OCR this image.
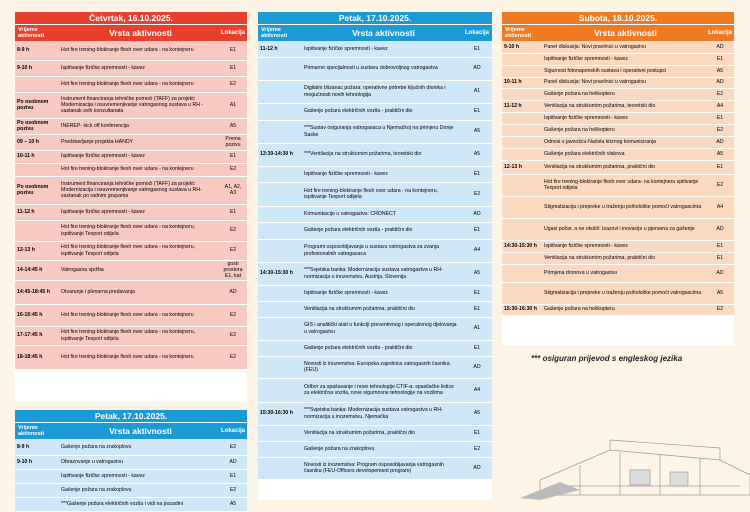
Četvrtak, 16.10.2025.
Vrijeme aktivnosti	Vrsta aktivnosti	Lokacija
8-9 h	Hot fire trening-blokiranje flesh over udara - na kontejneru	E1
9-10 h	Ispitivanje fizičke spremnosti - kavez	E1
	Hot fire trening-blokiranje flesh over udara - na kontejneru	E2
Po osobnom pozivu	Instrument financiranja tehničke pomoći (TAFF) za projekt: Modernizacija i osuvremenjivanje vatrogasnog sustava u RH - sastanak svih konzultanata	A1
Po osobnom pozivu	INEREP- kick off konferencija	A5
09 – 10 h	Predstavljanje projekta HANDY	Prema pozivu
10-11 h	Ispitivanje fizičke spremnosti - kavez	E1
	Hot fire trening-blokiranje flesh over udara - na kontejneru	E2
Po osobnom pozivu	Instrument financiranja tehničke pomoći (TAFF) za projekt: Modernizacija i osuvremenjivanje vatrogasnog sustava u RH- sastanak po radnim grupama	A1, A2, A3
11-12 h	Ispitivanje fizičke spremnosti - kavez	E1
	Hot fire trening-blokiranje flesh over udara - na kontejneru, ispitivanje Texport odijela	E2
12-13 h	Hot fire trening-blokiranje flesh over udara - na kontejneru, ispitivanje Texport odijela	E2
14-14:45 h	Vatrogasna vježba	gosti prostora E1, kat
14:45-18:45 h	Otvaranje i plenarna predavanja	AD
16-16:45 h	Hot fire trening-blokiranje flesh over udara - na kontejneru	E2
17-17:45 h	Hot fire trening-blokiranje flesh over udara - na kontejneru, ispitivanje Texport odijela	E2
18-18:45 h	Hot fire trening-blokiranje flesh over udara - na kontejneru	E2
Petak, 17.10.2025.
Vrijeme aktivnosti	Vrsta aktivnosti	Lokacija
8-9 h	Gašenje požara na zrakoplovu	E2
9-10 h	Obrazovanje u vatrogastvu	AD
	Ispitivanje fizičke spremnosti - kavez	E1
	Gašenje požara na zrakoplovu	E2
	***Gašenje požara električnih vozila i vidi na pozadini	A5
Petak, 17.10.2025.
Vrijeme aktivnosti	Vrsta aktivnosti	Lokacija
11-12 h	Ispitivanje fizičke spremnosti - kavez	E1
	Primarne specijalnosti u sustavu dobrovoljnog vatrogastva	AD
	Digitalni blizanac požara: operativne potrebe ključnih dionika i mogućnosti novih tehnologija	A1
	Gašenje požara električnih vozila - praktični dio	E1
	***Sustav osiguranja vatrogasaca u Njemačkoj na primjeru Donje Saske	A5
13:30-14:30 h	***Ventilacija na strukturnim požarima, teoretski dio	A5
	Ispitivanje fizičke spremnosti - kavez	E1
	Hot fire trening-blokiranje flesh over udara - na kontejneru, ispitivanje Texport odijela	E2
	Komunikacije u vatrogastvu: CRONECT	AD
	Gašenje požara električnih vozila - praktični dio	E1
	Programi osposobljavanja u sustavu vatrogastva za zvanja profesionalnih vatrogasaca	A4
14:30-15:30 h	***Svjetska banka: Modernizacija sustava vatrogastva u RH- normizacija u inozemstvu, Austrija, Slovenija	A5
	Ispitivanje fizičke spremnosti - kavez	E1
	Ventilacija na strukturnim požarima, praktični dio	E1
	GIS i analitički alati u funkciji preventivnog i operativnog djelovanja u vatrogastvu	A1
	Gašenje požara električnih vozila - praktični dio	E1
	Novosti iz inozemstva: Europska zajednica vatrogasnih časnika (FEU)	AD
	Odbor za spašavanje i nove tehnologije CTIF-a: spasilačke listice za električna vozila, nove sigurnosne tehnologije na vozilima	A4
15:30-16:30 h	***Svjetska banka: Modernizacija sustava vatrogastva u RH- normizacija u inozemstvu, Njemačka	A5
	Ventilacija na strukturnim požarima, praktični dio	E1
	Gašenje požara na zrakoplovu	E2
	Novosti iz inozemstva: Program osposobljavanja vatrogasnih časnika (FEU-Officers developement program)	AD
Subota, 18.10.2025.
Vrijeme aktivnosti	Vrsta aktivnosti	Lokacija
9-10 h	Panel diskusija: Novi pravilnici u vatrogastvu	AD
	Ispitivanje fizičke spremnosti - kavez	E1
	Sigurnost fotonaponskih sustava i operativni postupci	A5
10-11 h	Panel diskusija: Novi pravilnici u vatrogastvu	AD
	Gašenje požara na helikopteru	E2
11-12 h	Ventilacija na strukturnim požarima, teoretski dio	A4
	Ispitivanje fizičke spremnosti - kavez	E1
	Gašenje požara na helikopteru	E2
	Odnosi s javnošću-Načela kriznog komuniciranja	AD
	Gašenje požara električnih vlakova	A5
12-13 h	Ventilacija na strukturnim požarima, praktični dio	E1
	Hot fire trening-blokiranje flesh over udara- na kontejneru spitivanje Texport odijela	E2
	Stigmatizacija i prepreke u traženju psihološke pomoći vatrogascima	A4
	Ugasi požar, a ne okoliš: Izazovi i inovacije u pjenama za gašenje	AD
14:30-15:30 h	Ispitivanje fizičke spremnosti - kavez	E1
	Ventilacija na strukturnim požarima, praktični dio	E1
	Primjena dronova u vatrogastvu	AD
	Stigmatizacija i prepreke u traženju psihološke pomoći vatrogascima	A5
15:30-16:30 h	Gašenje požara na helikopteru	E2
*** osiguran prijevod s engleskog jezika
